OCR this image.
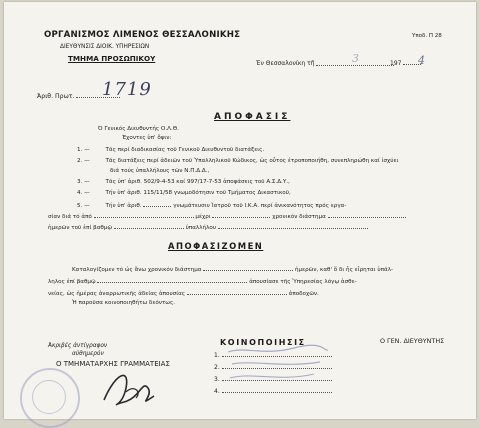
ΟΡΓΑΝΙΣΜΟΣ ΛΙΜΕΝΟΣ ΘΕΣΣΑΛΟΝΙΚΗΣ
ΔΙΕΥΘΥΝΣΙΣ ΔΙΟΙΚ. ΥΠΗΡΕΣΙΩΝ
ΤΜΗΜΑ ΠΡΟΣΩΠΙΚΟΥ
Υποδ. Π 28
Έν Θεσσαλονίκη τῆ	197
3	4
Άριθ. Πρωτ.	1719
ΑΠΟΦΑΣΙΣ
Ό Γενικός Διευθυντής Ο.Λ.Θ.
Έχοντες ὑπ' ὄψιν:
1. —	Τάς περί διαδικασίας τοῦ Γενικοῦ Διευθυντοῦ διατάξεις.
2. —	Τάς διατάξεις περί ἀδειῶν τοῦ Ὑπαλληλικοῦ Κώδικος, ὡς οὗτος ἐτροποποιήθη, συνεπληρώθη καί ἰσχύει
διά τούς ὑπαλλήλους τῶν Ν.Π.Δ.Δ.,
3. —	Τάς ὑπ' ἀριθ. 502/9-4-53 καί 997/17-7-53 ἀποφάσεις τοῦ Α.Σ.Δ.Υ.,
4. —	Τήν ὑπ' ἀριθ. 115/11/58 γνωμοδότησιν τοῦ Τμήματος Δικαστικοῦ,
5. —	Τήν ὑπ' ἀριθ.	γνωμάτευσιν Ἰατροῦ τοῦ Ι.Κ.Α. περί ἀνικανότητος πρός εργα-
σίαν διά τό ἀπό	μέχρι	χρονικόν διάστημα
ἡμερῶν τοῦ ἐπί βαθμῷ	ὑπαλλήλου
ΑΠΟΦΑΣΙΖΟΜΕΝ
Καταλογίζομεν τό ὡς ἄνω χρονικόν διάστημα	ἡμερῶν, καθ' ὅ δι ἧς εἶρηται ὑπάλ-
ληλος ἐπί βαθμῷ	ἀπουσίασε τῆς Ὑπηρεσίας λόγῳ ἀσθε-
νείας, ὡς ἡμέρας ἀναρρωτικῆς ἀδείας ἀπουσίας	ἀποδοχῶν.
Ἡ παροῦσα κοινοποιηθήτω δεόντως.
ΚΟΙΝΟΠΟΙΗΣΙΣ	Ο ΓΕΝ. ΔΙΕΥΘΥΝΤΗΣ
1.
2.
3.
4.
Ἀκριβές ἀντίγραφον
αὐθημερόν
Ο ΤΜΗΜΑΤΑΡΧΗΣ ΓΡΑΜΜΑΤΕΙΑΣ
